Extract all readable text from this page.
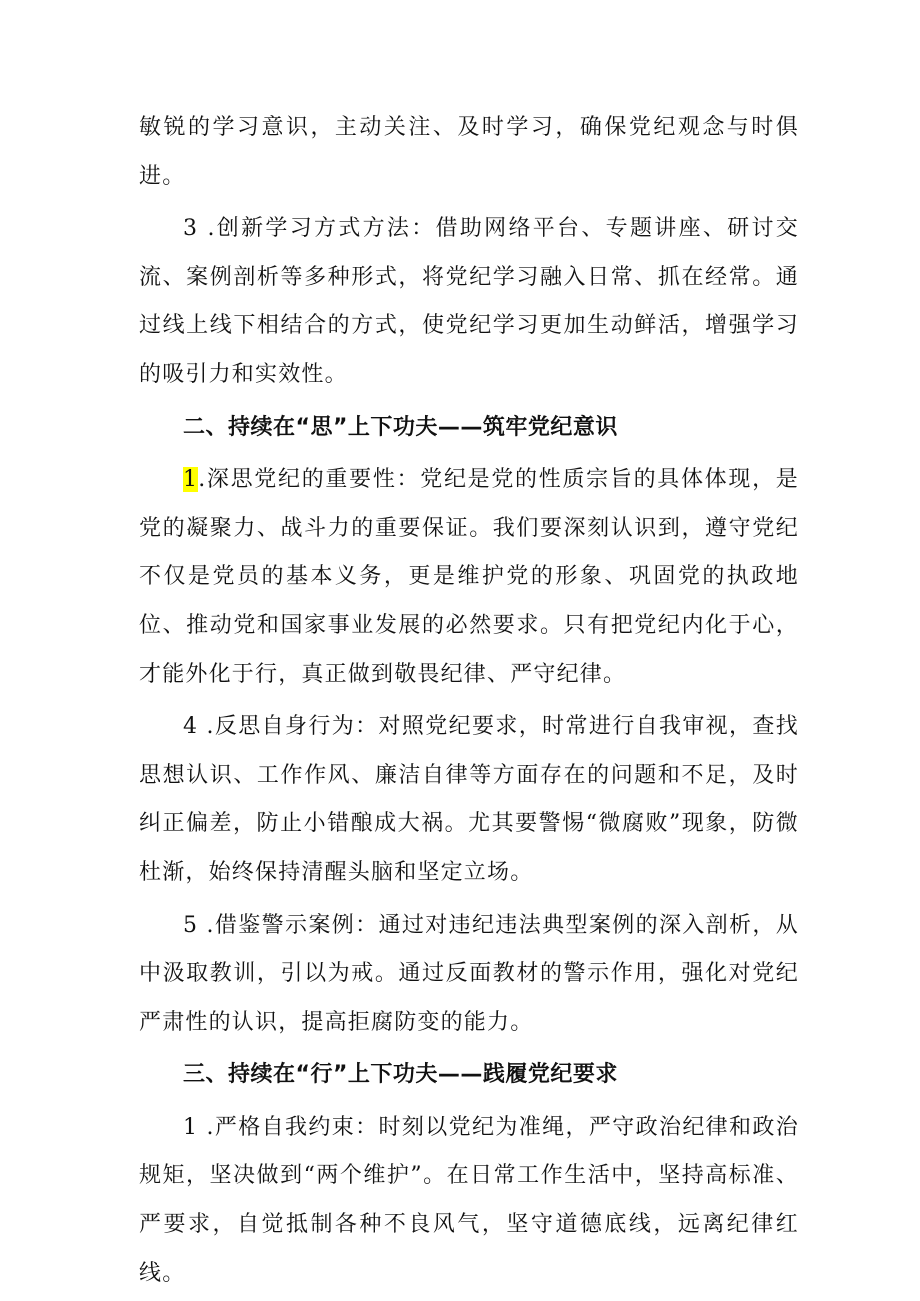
敏锐的学习意识，主动关注、及时学习，确保党纪观念与时俱进。

3 .创新学习方式方法：借助网络平台、专题讲座、研讨交流、案例剖析等多种形式，将党纪学习融入日常、抓在经常。通过线上线下相结合的方式，使党纪学习更加生动鲜活，增强学习的吸引力和实效性。

二、持续在“思”上下功夫——筑牢党纪意识

1.深思党纪的重要性：党纪是党的性质宗旨的具体体现，是党的凝聚力、战斗力的重要保证。我们要深刻认识到，遵守党纪不仅是党员的基本义务，更是维护党的形象、巩固党的执政地位、推动党和国家事业发展的必然要求。只有把党纪内化于心，才能外化于行，真正做到敬畏纪律、严守纪律。

4 .反思自身行为：对照党纪要求，时常进行自我审视，查找思想认识、工作作风、廉洁自律等方面存在的问题和不足，及时纠正偏差，防止小错酿成大祸。尤其要警惕“微腐败”现象，防微杜渐，始终保持清醒头脑和坚定立场。

5 .借鉴警示案例：通过对违纪违法典型案例的深入剖析，从中汲取教训，引以为戒。通过反面教材的警示作用，强化对党纪严肃性的认识，提高拒腐防变的能力。

三、持续在“行”上下功夫——践履党纪要求

1 .严格自我约束：时刻以党纪为准绳，严守政治纪律和政治规矩，坚决做到“两个维护”。在日常工作生活中，坚持高标准、严要求，自觉抵制各种不良风气，坚守道德底线，远离纪律红线。
